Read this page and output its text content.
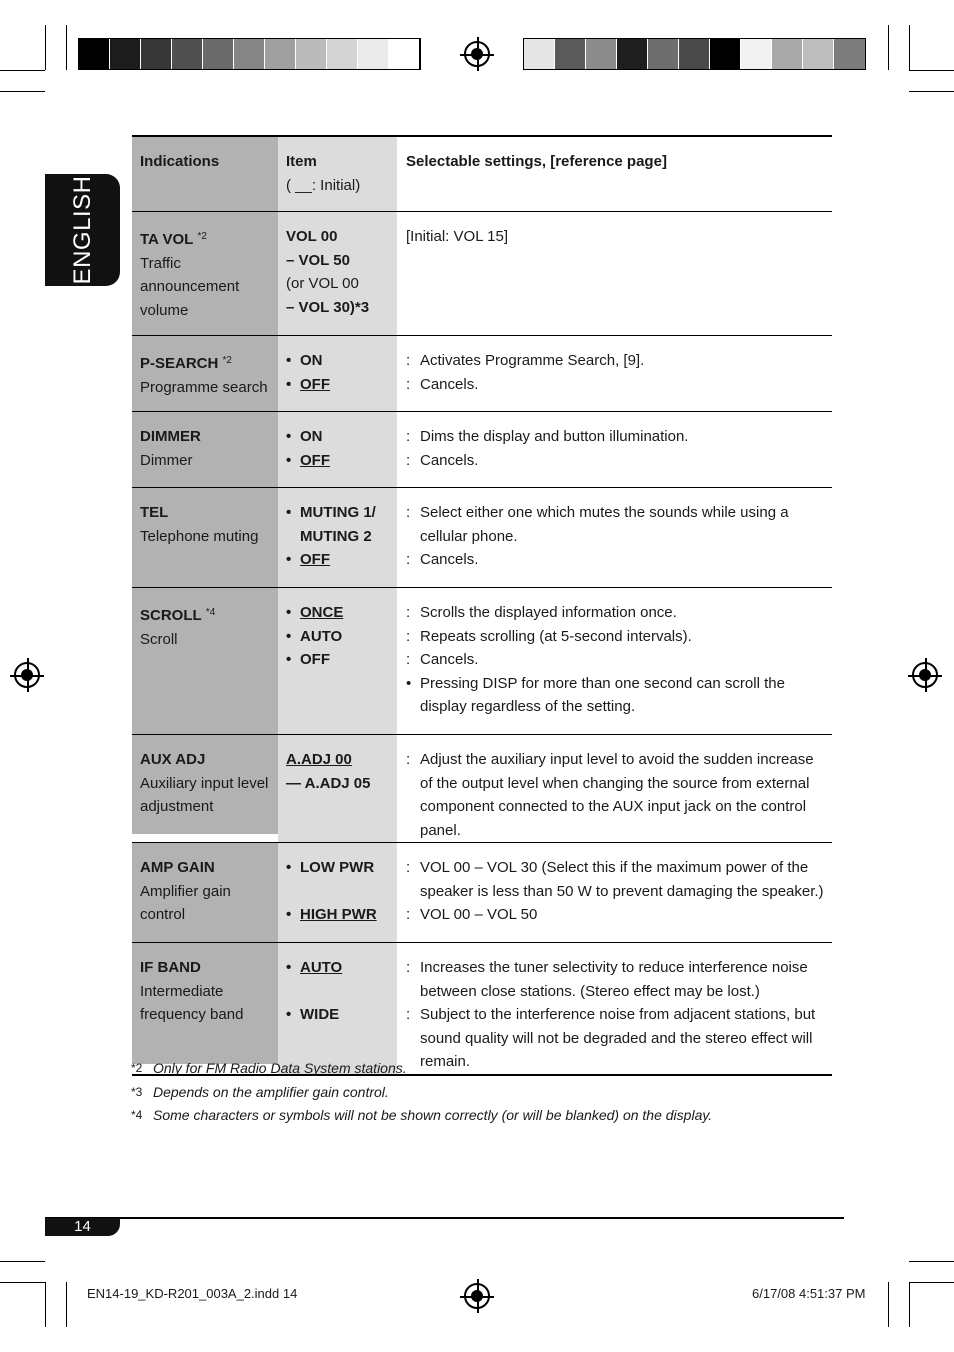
ENGLISH
Indications	Item
( __: Initial)
Selectable settings, [reference page]
TA VOL $^{*2}$
Traffic
announcement
volume
VOL 00
– VOL 50
(or VOL 00
– VOL 30)*3
[Initial: VOL 15]
P-SEARCH $^{*2}$
Programme search
• ON
• OFF
: Activates Programme Search, [9].
: Cancels.
DIMMER
Dimmer
• ON
• OFF
: Dims the display and button illumination.
: Cancels.
TEL
Telephone muting
• MUTING 1/ MUTING 2
• OFF
: Select either one which mutes the sounds while using a cellular phone.
: Cancels.
SCROLL $^{*4}$
Scroll
• ONCE
• AUTO
• OFF
: Scrolls the displayed information once.
: Repeats scrolling (at 5-second intervals).
: Cancels.
• Pressing DISP for more than one second can scroll the display regardless of the setting.
AUX ADJ
Auxiliary input level
adjustment
A.ADJ 00
— A.ADJ 05
: Adjust the auxiliary input level to avoid the sudden increase of the output level when changing the source from external component connected to the AUX input jack on the control panel.
AMP GAIN
Amplifier gain control
• LOW PWR
• HIGH PWR
: VOL 00 – VOL 30 (Select this if the maximum power of the speaker is less than 50 W to prevent damaging the speaker.)
: VOL 00 – VOL 50
IF BAND
Intermediate
frequency band
• AUTO
• WIDE
: Increases the tuner selectivity to reduce interference noise between close stations. (Stereo effect may be lost.)
: Subject to the interference noise from adjacent stations, but sound quality will not be degraded and the stereo effect will remain.
*2 Only for FM Radio Data System stations.
*3 Depends on the amplifier gain control.
*4 Some characters or symbols will not be shown correctly (or will be blanked) on the display.
14
EN14-19_KD-R201_003A_2.indd 14	6/17/08 4:51:37 PM
